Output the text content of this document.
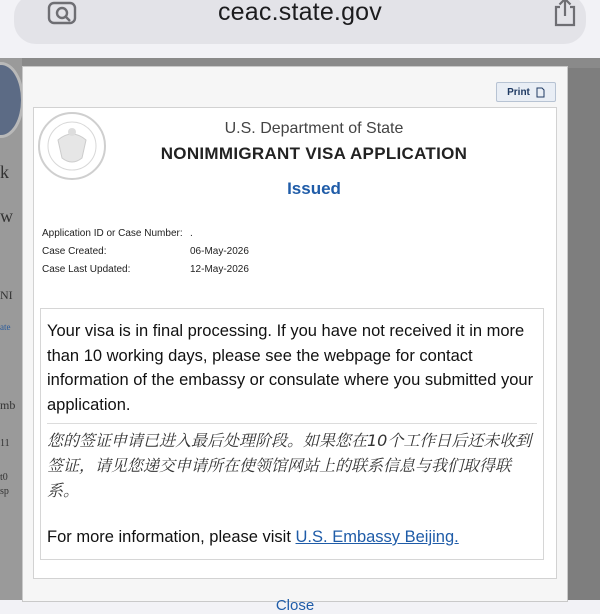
ceac.state.gov
k
w
NI
ate
mb
11
t0
sp
Print
U.S. Department of State
NONIMMIGRANT VISA APPLICATION
Issued
Application ID or Case Number: .
Case Created:	06-May-2026
Case Last Updated:	12-May-2026
Your visa is in final processing. If you have not received it in more than 10 working days, please see the webpage for contact information of the embassy or consulate where you submitted your application.
您的签证申请已进入最后处理阶段。如果您在10个工作日后还未收到签证，请见您递交申请所在使领馆网站上的联系信息与我们取得联系。
For more information, please visit U.S. Embassy Beijing.
Close
